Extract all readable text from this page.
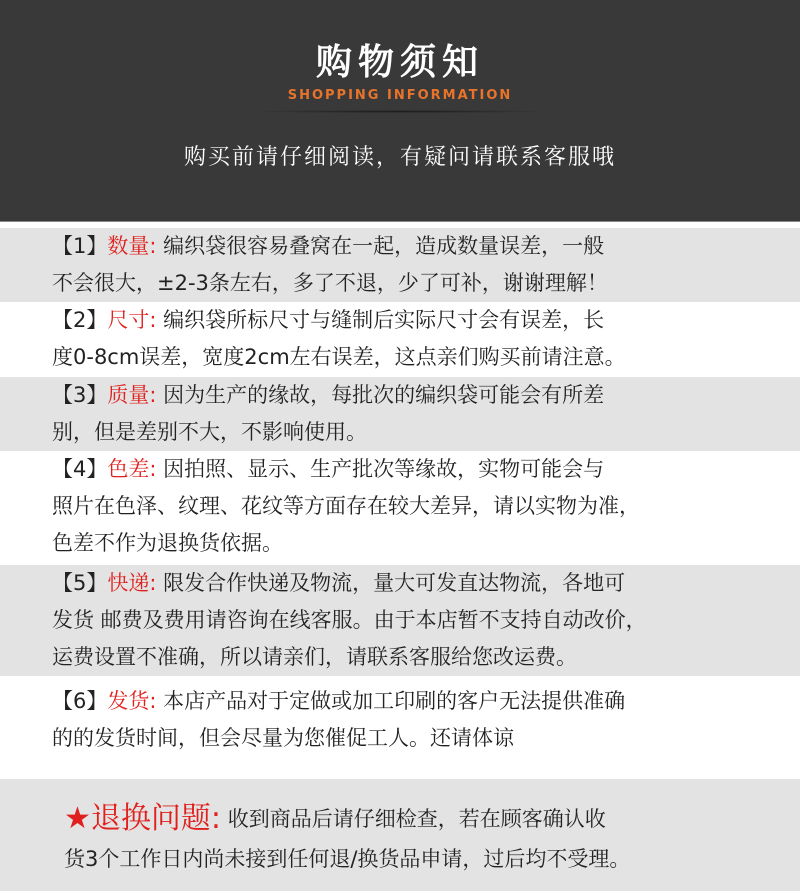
购物须知
SHOPPING INFORMATION
购买前请仔细阅读，有疑问请联系客服哦
【1】数量: 编织袋很容易叠窝在一起，造成数量误差，一般
不会很大，±2-3条左右，多了不退，少了可补，谢谢理解！
【2】尺寸: 编织袋所标尺寸与缝制后实际尺寸会有误差，长
度0-8cm误差，宽度2cm左右误差，这点亲们购买前请注意。
【3】质量: 因为生产的缘故，每批次的编织袋可能会有所差
别，但是差别不大，不影响使用。
【4】色差: 因拍照、显示、生产批次等缘故，实物可能会与
照片在色泽、纹理、花纹等方面存在较大差异，请以实物为准，
色差不作为退换货依据。
【5】快递: 限发合作快递及物流，量大可发直达物流，各地可
发货 邮费及费用请咨询在线客服。由于本店暂不支持自动改价，
运费设置不准确，所以请亲们，请联系客服给您改运费。
【6】发货: 本店产品对于定做或加工印刷的客户无法提供准确
的的发货时间，但会尽量为您催促工人。还请体谅
★退换问题: 收到商品后请仔细检查，若在顾客确认收
货3个工作日内尚未接到任何退/换货品申请，过后均不受理。
